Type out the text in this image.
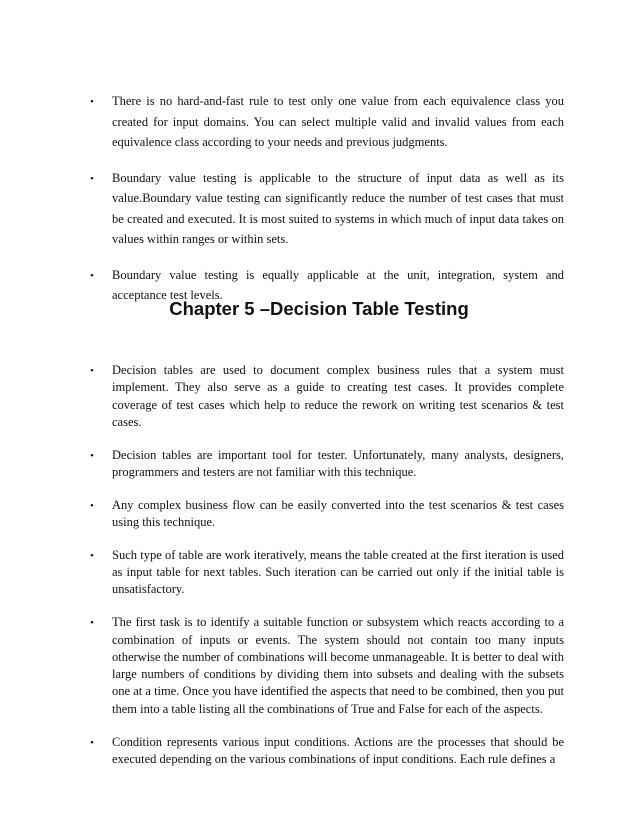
• There is no hard-and-fast rule to test only one value from each equivalence class you created for input domains. You can select multiple valid and invalid values from each equivalence class according to your needs and previous judgments.
• Boundary value testing is applicable to the structure of input data as well as its value.Boundary value testing can significantly reduce the number of test cases that must be created and executed. It is most suited to systems in which much of input data takes on values within ranges or within sets.
• Boundary value testing is equally applicable at the unit, integration, system and acceptance test levels.
Chapter 5 –Decision Table Testing
• Decision tables are used to document complex business rules that a system must implement. They also serve as a guide to creating test cases. It provides complete coverage of test cases which help to reduce the rework on writing test scenarios & test cases.
• Decision tables are important tool for tester. Unfortunately, many analysts, designers, programmers and testers are not familiar with this technique.
• Any complex business flow can be easily converted into the test scenarios & test cases using this technique.
• Such type of table are work iteratively, means the table created at the first iteration is used as input table for next tables. Such iteration can be carried out only if the initial table is unsatisfactory.
• The first task is to identify a suitable function or subsystem which reacts according to a combination of inputs or events. The system should not contain too many inputs otherwise the number of combinations will become unmanageable. It is better to deal with large numbers of conditions by dividing them into subsets and dealing with the subsets one at a time. Once you have identified the aspects that need to be combined, then you put them into a table listing all the combinations of True and False for each of the aspects.
• Condition represents various input conditions. Actions are the processes that should be executed depending on the various combinations of input conditions. Each rule defines a
